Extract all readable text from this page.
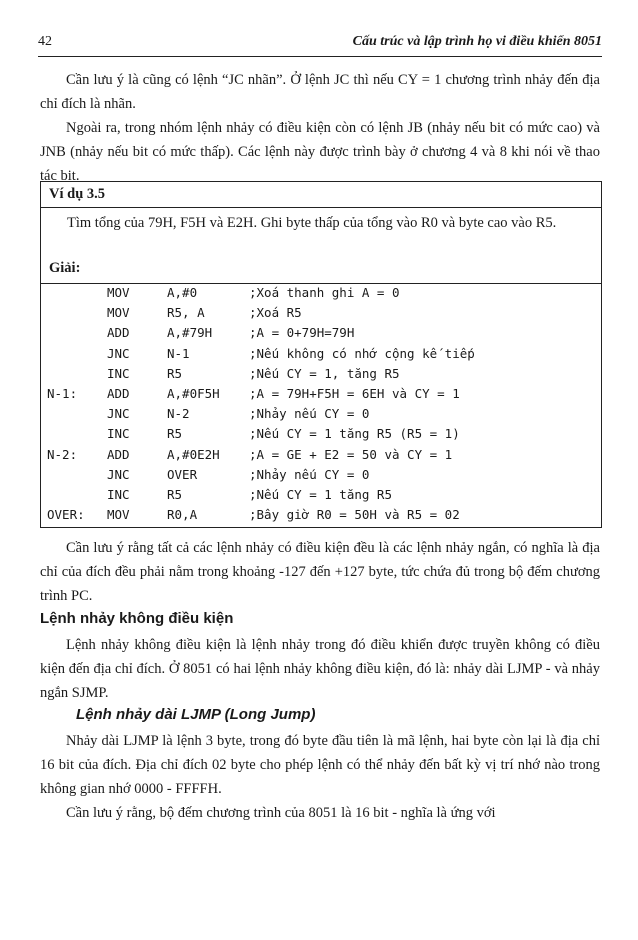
42	Cấu trúc và lập trình họ vi điều khiển 8051

Cần lưu ý là cũng có lệnh “JC nhãn”. Ở lệnh JC thì nếu CY = 1 chương trình nhảy đến địa chỉ đích là nhãn.

Ngoài ra, trong nhóm lệnh nhảy có điều kiện còn có lệnh JB (nhảy nếu bit có mức cao) và JNB (nhảy nếu bit có mức thấp). Các lệnh này được trình bày ở chương 4 và 8 khi nói về thao tác bit.

Ví dụ 3.5

Tìm tổng của 79H, F5H và E2H. Ghi byte thấp của tổng vào R0 và byte cao vào R5.

Giải:
MOV	A,#0	;Xoá thanh ghi A = 0
MOV	R5, A	;Xoá R5
ADD	A,#79H	;A = 0+79H=79H
JNC	N-1	;Nếu không có nhớ cộng kế tiếp
INC	R5	;Nếu CY = 1, tăng R5
N-1: ADD	A,#0F5H ;A = 79H+F5H = 6EH và CY = 1
JNC	N-2	;Nhảy nếu CY = 0
INC	R5	;Nếu CY = 1 tăng R5 (R5 = 1)
N-2: ADD	A,#0E2H ;A = GE + E2 = 50 và CY = 1
JNC	OVER	;Nhảy nếu CY = 0
INC	R5	;Nếu CY = 1 tăng R5
OVER: MOV	R0,A	;Bây giờ R0 = 50H và R5 = 02

Cần lưu ý rằng tất cả các lệnh nhảy có điều kiện đều là các lệnh nhảy ngắn, có nghĩa là địa chỉ của đích đều phải nằm trong khoảng -127 đến +127 byte, tức chứa đủ trong bộ đếm chương trình PC.

Lệnh nhảy không điều kiện

Lệnh nhảy không điều kiện là lệnh nhảy trong đó điều khiển được truyền không có điều kiện đến địa chỉ đích. Ở 8051 có hai lệnh nhảy không điều kiện, đó là: nhảy dài LJMP - và nhảy ngắn SJMP.

Lệnh nhảy dài LJMP (Long Jump)

Nhảy dài LJMP là lệnh 3 byte, trong đó byte đầu tiên là mã lệnh, hai byte còn lại là địa chỉ 16 bit của đích. Địa chỉ đích 02 byte cho phép lệnh có thể nhảy đến bất kỳ vị trí nhớ nào trong không gian nhớ 0000 - FFFFH.

Cần lưu ý rằng, bộ đếm chương trình của 8051 là 16 bit - nghĩa là ứng với
